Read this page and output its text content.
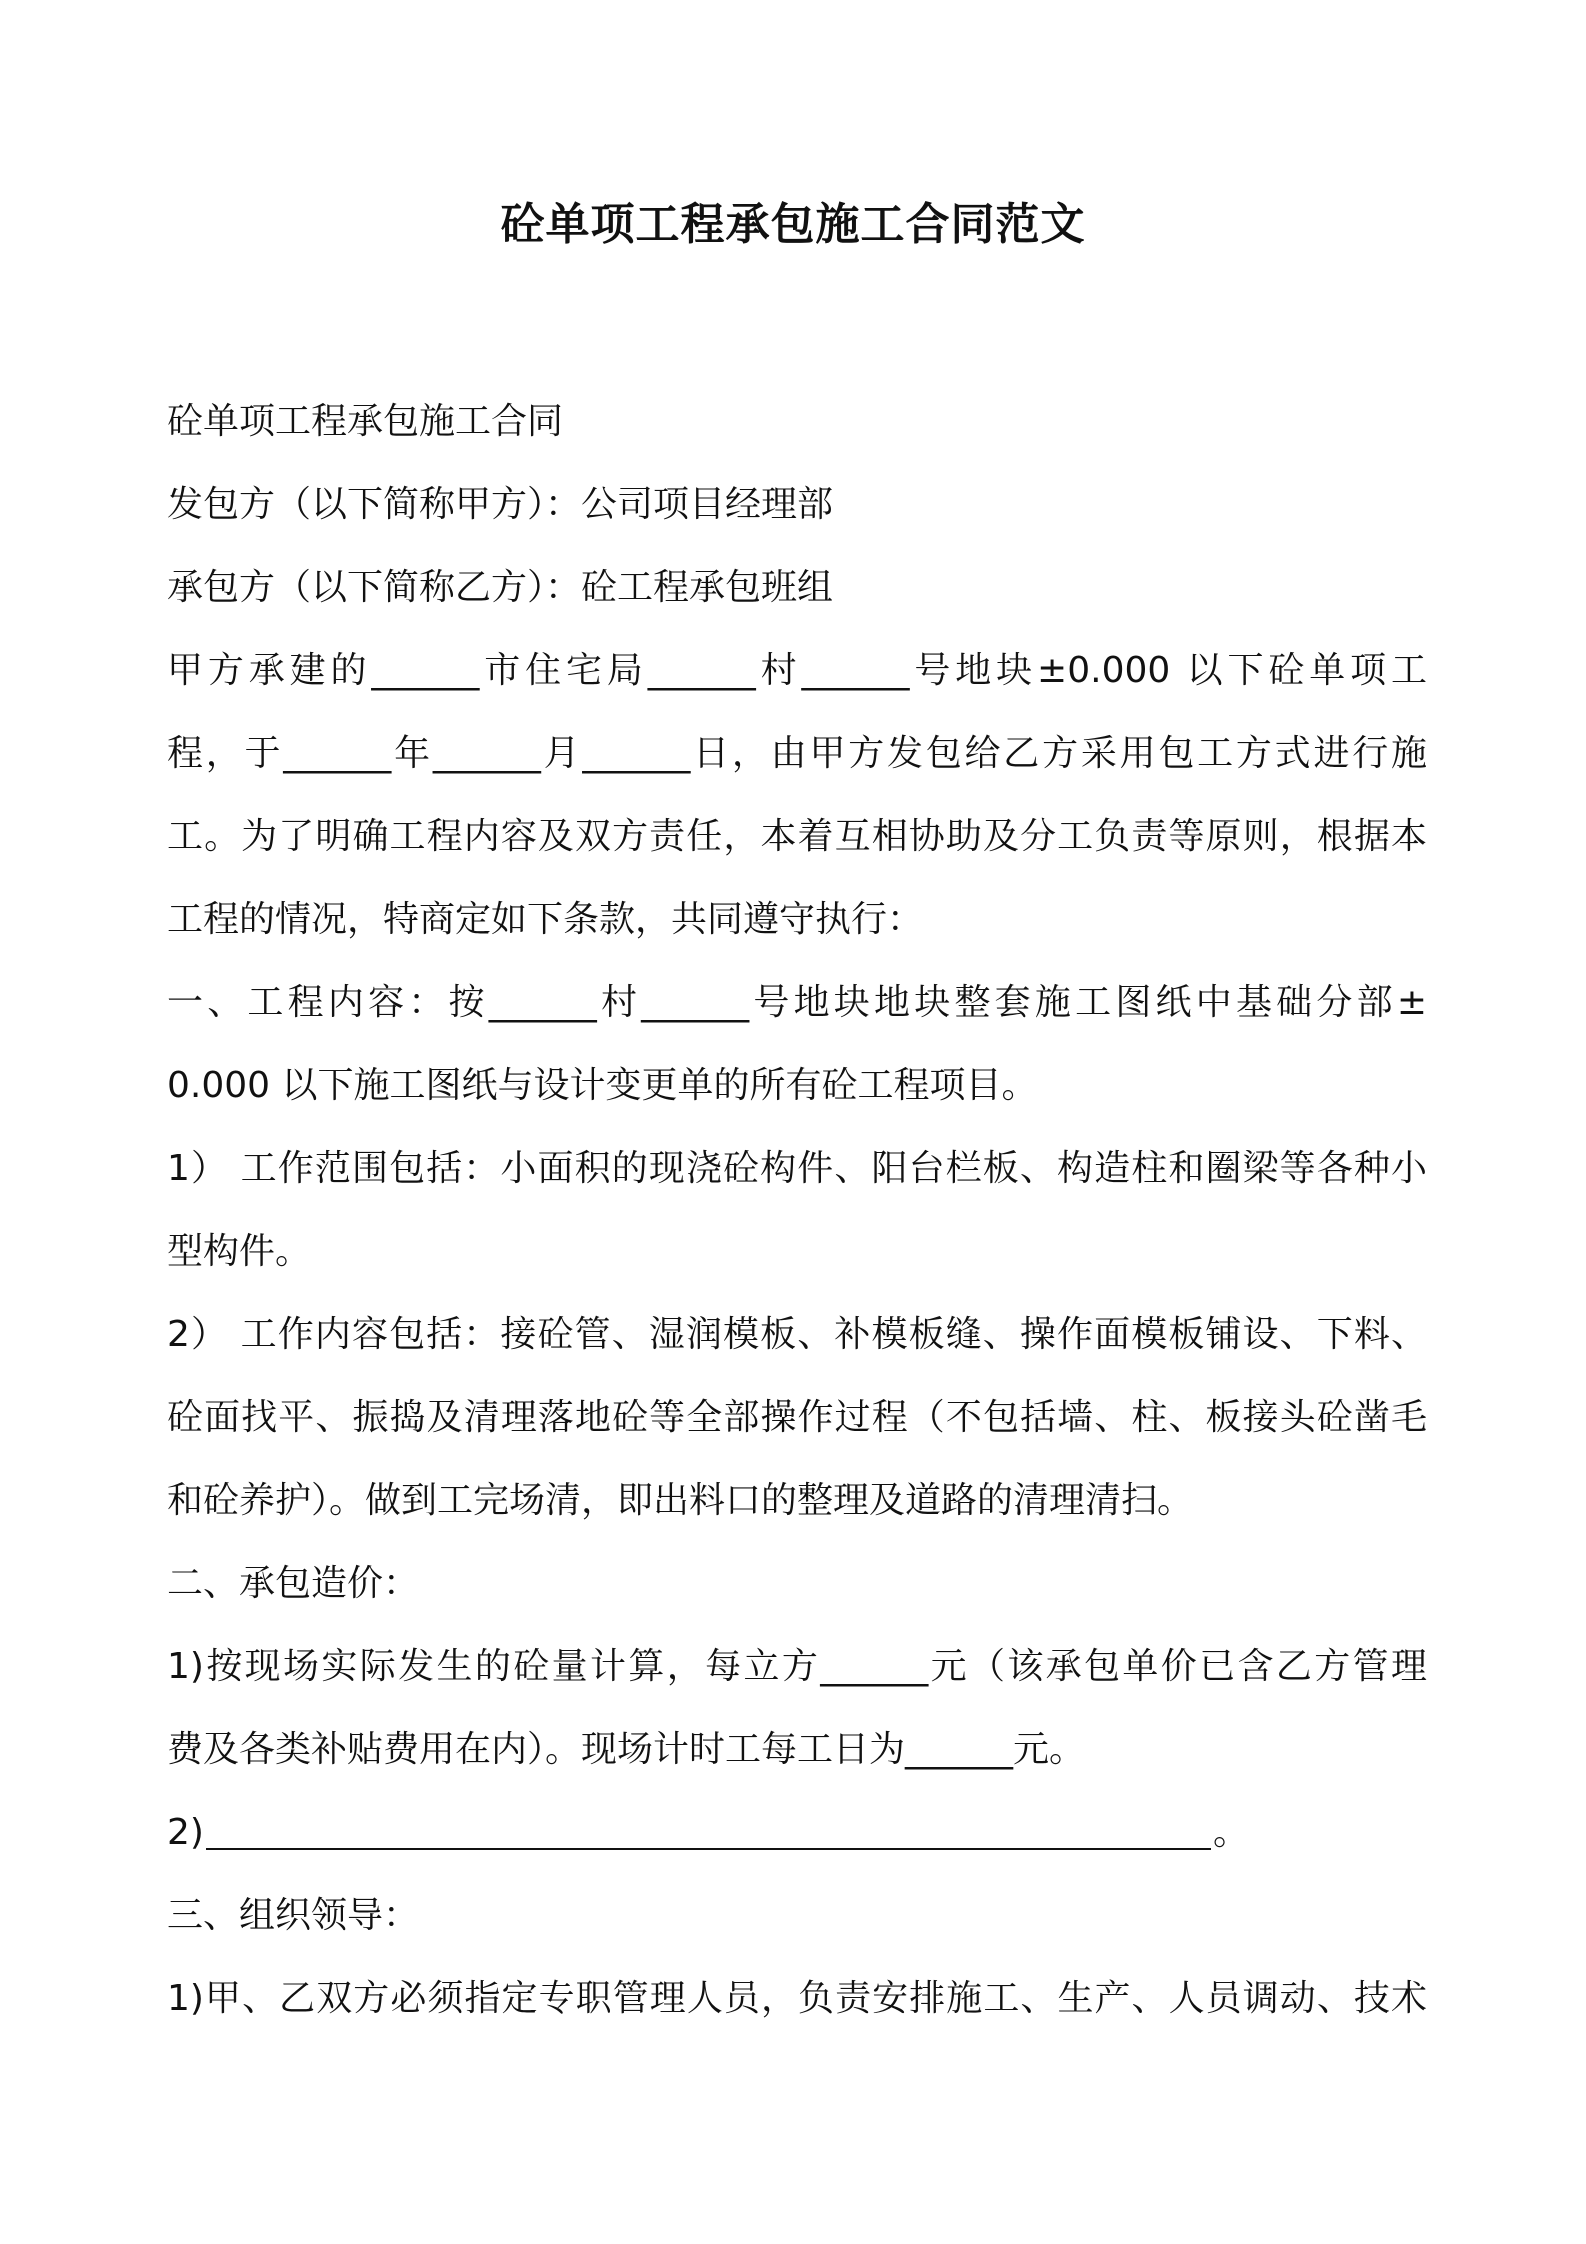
砼单项工程承包施工合同范文
砼单项工程承包施工合同
发包方（以下简称甲方）：公司项目经理部
承包方（以下简称乙方）：砼工程承包班组
甲方承建的______市住宅局______村______号地块±0.000 以下砼单项工
程，于______年______月______日，由甲方发包给乙方采用包工方式进行施
工。为了明确工程内容及双方责任，本着互相协助及分工负责等原则，根据本
工程的情况，特商定如下条款，共同遵守执行：
一、工程内容：按______村______号地块地块整套施工图纸中基础分部±
0.000 以下施工图纸与设计变更单的所有砼工程项目。
1） 工作范围包括：小面积的现浇砼构件、阳台栏板、构造柱和圈梁等各种小
型构件。
2） 工作内容包括：接砼管、湿润模板、补模板缝、操作面模板铺设、下料、
砼面找平、振捣及清理落地砼等全部操作过程（不包括墙、柱、板接头砼凿毛
和砼养护）。做到工完场清，即出料口的整理及道路的清理清扫。
二、承包造价：
1)按现场实际发生的砼量计算，每立方______元（该承包单价已含乙方管理
费及各类补贴费用在内）。现场计时工每工日为______元。
2)	。
三、组织领导：
1)甲、乙双方必须指定专职管理人员，负责安排施工、生产、人员调动、技术
